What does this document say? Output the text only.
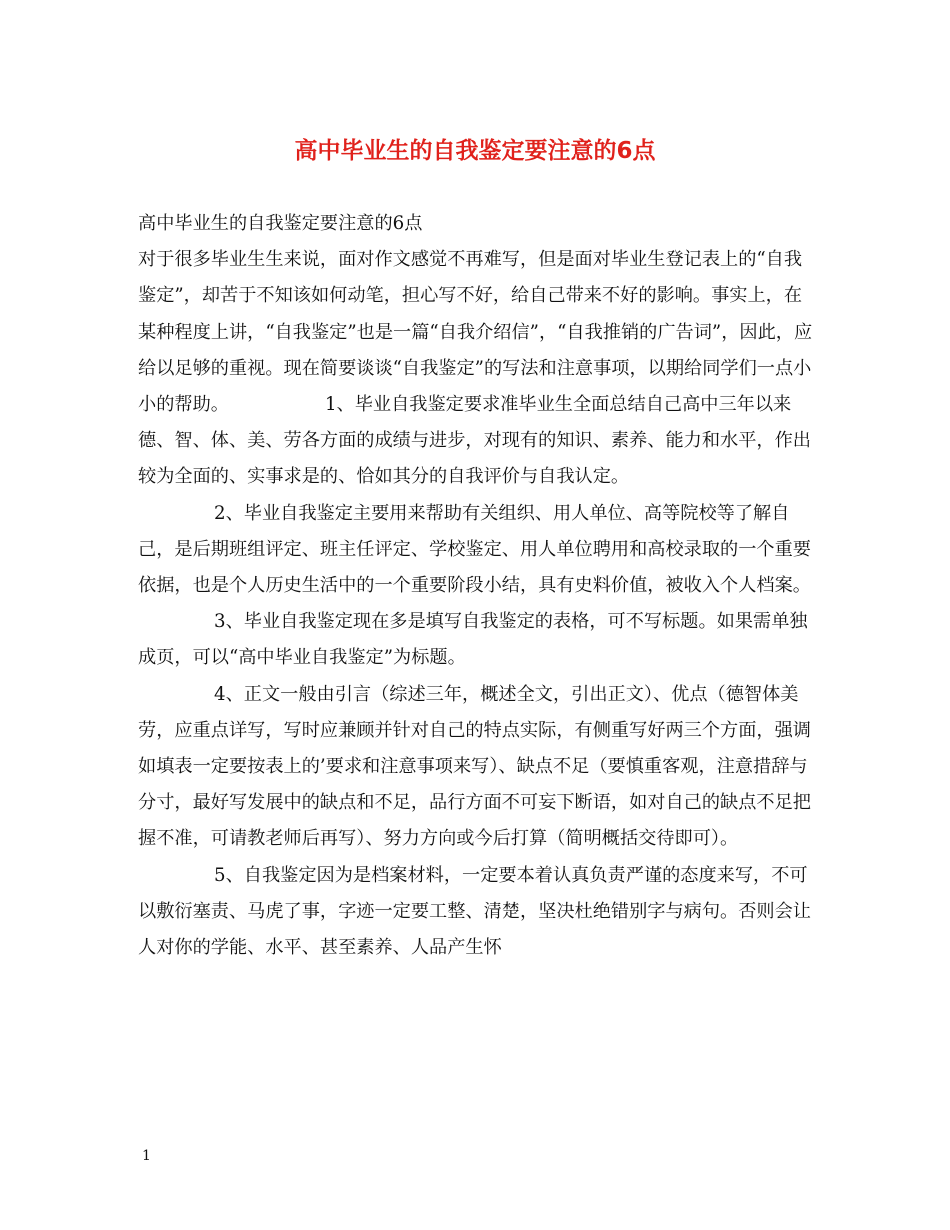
高中毕业生的自我鉴定要注意的6点

高中毕业生的自我鉴定要注意的6点

对于很多毕业生生来说，面对作文感觉不再难写，但是面对毕业生登记表上的“自我鉴定”，却苦于不知该如何动笔，担心写不好，给自己带来不好的影响。事实上，在某种程度上讲，“自我鉴定”也是一篇“自我介绍信”，“自我推销的广告词”，因此，应给以足够的重视。现在简要谈谈“自我鉴定”的写法和注意事项，以期给同学们一点小小的帮助。	1、毕业自我鉴定要求准毕业生全面总结自己高中三年以来德、智、体、美、劳各方面的成绩与进步，对现有的知识、素养、能力和水平，作出较为全面的、实事求是的、恰如其分的自我评价与自我认定。

2、毕业自我鉴定主要用来帮助有关组织、用人单位、高等院校等了解自己，是后期班组评定、班主任评定、学校鉴定、用人单位聘用和高校录取的一个重要依据，也是个人历史生活中的一个重要阶段小结，具有史料价值，被收入个人档案。

3、毕业自我鉴定现在多是填写自我鉴定的表格，可不写标题。如果需单独成页，可以“高中毕业自我鉴定”为标题。

4、正文一般由引言（综述三年，概述全文，引出正文）、优点（德智体美劳，应重点详写，写时应兼顾并针对自己的特点实际，有侧重写好两三个方面，强调如填表一定要按表上的’要求和注意事项来写）、缺点不足（要慎重客观，注意措辞与分寸，最好写发展中的缺点和不足，品行方面不可妄下断语，如对自己的缺点不足把握不准，可请教老师后再写）、努力方向或今后打算（简明概括交待即可）。

5、自我鉴定因为是档案材料，一定要本着认真负责严谨的态度来写，不可以敷衍塞责、马虎了事，字迹一定要工整、清楚，坚决杜绝错别字与病句。否则会让人对你的学能、水平、甚至素养、人品产生怀

1
